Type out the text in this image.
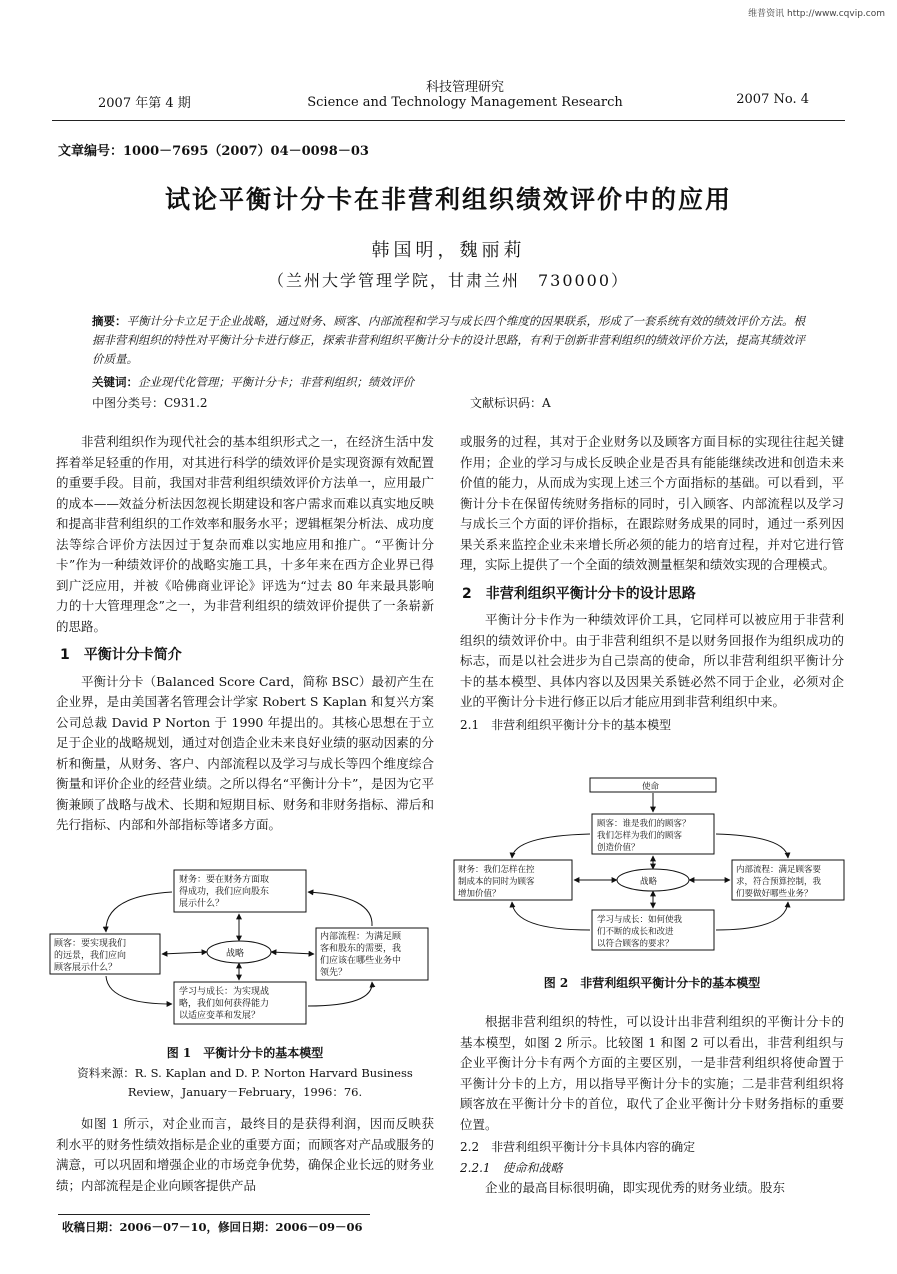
维普资讯 http://www.cqvip.com
2007 年第 4 期
科技管理研究
Science and Technology Management Research	2007 No. 4
文章编号：1000－7695（2007）04－0098－03
试论平衡计分卡在非营利组织绩效评价中的应用
韩国明，魏丽莉
（兰州大学管理学院，甘肃兰州　730000）
摘要：平衡计分卡立足于企业战略，通过财务、顾客、内部流程和学习与成长四个维度的因果联系，形成了一套系统有效的绩效评价方法。根据非营利组织的特性对平衡计分卡进行修正，探索非营利组织平衡计分卡的设计思路，有利于创新非营利组织的绩效评价方法，提高其绩效评价质量。
关键词：企业现代化管理；平衡计分卡；非营利组织；绩效评价
中图分类号：C931.2	文献标识码：A

非营利组织作为现代社会的基本组织形式之一，在经济生活中发挥着举足轻重的作用，对其进行科学的绩效评价是实现资源有效配置的重要手段。目前，我国对非营利组织绩效评价方法单一，应用最广的成本——效益分析法因忽视长期建设和客户需求而难以真实地反映和提高非营利组织的工作效率和服务水平；逻辑框架分析法、成功度法等综合评价方法因过于复杂而难以实地应用和推广。“平衡计分卡”作为一种绩效评价的战略实施工具，十多年来在西方企业界已得到广泛应用，并被《哈佛商业评论》评选为“过去 80 年来最具影响力的十大管理理念”之一，为非营利组织的绩效评价提供了一条崭新的思路。

1　平衡计分卡简介

平衡计分卡（Balanced Score Card，简称 BSC）最初产生在企业界，是由美国著名管理会计学家 Robert S Kaplan 和复兴方案公司总裁 David P Norton 于 1990 年提出的。其核心思想在于立足于企业的战略规划，通过对创造企业未来良好业绩的驱动因素的分析和衡量，从财务、客户、内部流程以及学习与成长等四个维度综合衡量和评价企业的经营业绩。之所以得名“平衡计分卡”，是因为它平衡兼顾了战略与战术、长期和短期目标、财务和非财务指标、滞后和先行指标、内部和外部指标等诸多方面。

财务：要在财务方面取
得成功，我们应向股东
展示什么？
顾客：要实现我们
的远景，我们应向
顾客展示什么？
战略
内部流程：为满足顾
客和股东的需要，我
们应该在哪些业务中
领先？
学习与成长：为实现战
略，我们如何获得能力
以适应变革和发展？
图 1　平衡计分卡的基本模型
资料来源：R. S. Kaplan and D. P. Norton Harvard Business
Review，January－February，1996：76.

如图 1 所示，对企业而言，最终目的是获得利润，因而反映获利水平的财务性绩效指标是企业的重要方面；而顾客对产品或服务的满意，可以巩固和增强企业的市场竞争优势，确保企业长远的财务业绩；内部流程是企业向顾客提供产品

收稿日期：2006－07－10，修回日期：2006－09－06

或服务的过程，其对于企业财务以及顾客方面目标的实现往往起关键作用；企业的学习与成长反映企业是否具有能能继续改进和创造未来价值的能力，从而成为实现上述三个方面指标的基础。可以看到，平衡计分卡在保留传统财务指标的同时，引入顾客、内部流程以及学习与成长三个方面的评价指标，在跟踪财务成果的同时，通过一系列因果关系来监控企业未来增长所必须的能力的培育过程，并对它进行管理，实际上提供了一个全面的绩效测量框架和绩效实现的合理模式。

2　非营利组织平衡计分卡的设计思路

平衡计分卡作为一种绩效评价工具，它同样可以被应用于非营利组织的绩效评价中。由于非营利组织不是以财务回报作为组织成功的标志，而是以社会进步为自己崇高的使命，所以非营利组织平衡计分卡的基本模型、具体内容以及因果关系链必然不同于企业，必须对企业的平衡计分卡进行修正以后才能应用到非营利组织中来。

2.1　非营利组织平衡计分卡的基本模型
使命
顾客：谁是我们的顾客？
我们怎样为我们的顾客
创造价值？
财务：我们怎样在控
制成本的同时为顾客
增加价值？
战略
内部流程：满足顾客要
求，符合预算控制，我
们要做好哪些业务？
学习与成长：如何使我
们不断的成长和改进
以符合顾客的要求？
图 2　非营利组织平衡计分卡的基本模型

根据非营利组织的特性，可以设计出非营利组织的平衡计分卡的基本模型，如图 2 所示。比较图 1 和图 2 可以看出，非营利组织与企业平衡计分卡有两个方面的主要区别，一是非营利组织将使命置于平衡计分卡的上方，用以指导平衡计分卡的实施；二是非营利组织将顾客放在平衡计分卡的首位，取代了企业平衡计分卡财务指标的重要位置。

2.2　非营利组织平衡计分卡具体内容的确定
2.2.1　使命和战略

企业的最高目标很明确，即实现优秀的财务业绩。股东
